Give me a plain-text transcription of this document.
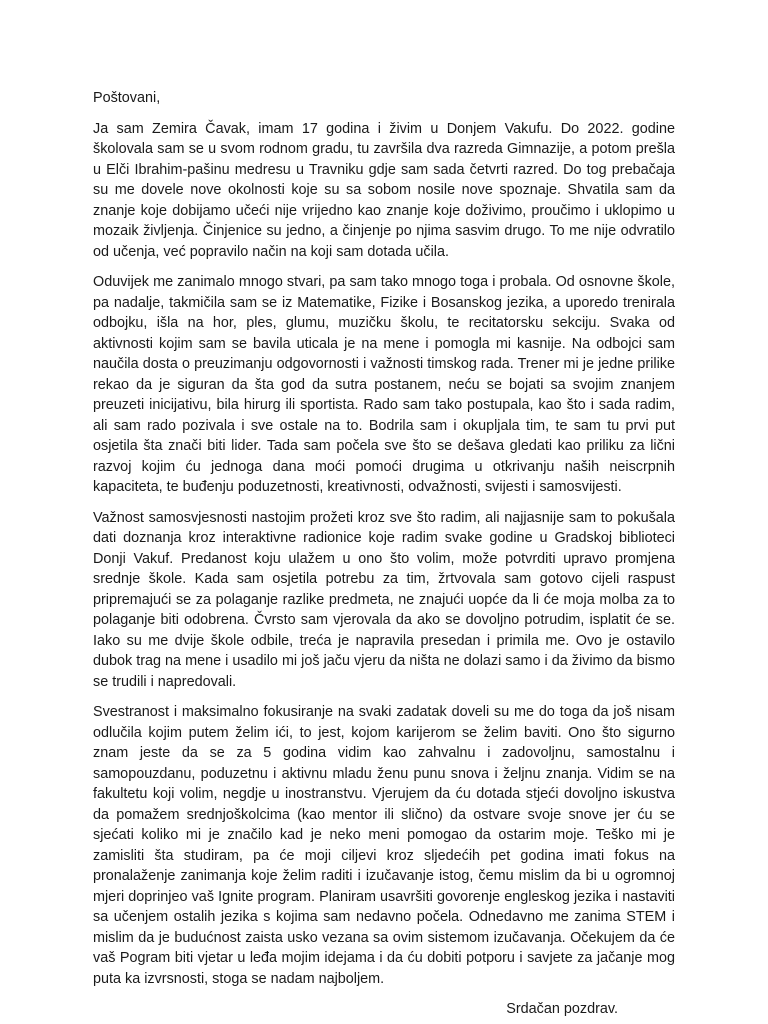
Poštovani,

Ja sam Zemira Čavak, imam 17 godina i živim u Donjem Vakufu. Do 2022. godine školovala sam se u svom rodnom gradu, tu završila dva razreda Gimnazije, a potom prešla u Elči Ibrahim-pašinu medresu u Travniku gdje sam sada četvrti razred. Do tog prebačaja su me dovele nove okolnosti koje su sa sobom nosile nove spoznaje. Shvatila sam da znanje koje dobijamo učeći nije vrijedno kao znanje koje doživimo, proučimo i uklopimo u mozaik življenja. Činjenice su jedno, a činjenje po njima sasvim drugo. To me nije odvratilo od učenja, već popravilo način na koji sam dotada učila.

Oduvijek me zanimalo mnogo stvari, pa sam tako mnogo toga i probala. Od osnovne škole, pa nadalje, takmičila sam se iz Matematike, Fizike i Bosanskog jezika, a uporedo trenirala odbojku, išla na hor, ples, glumu, muzičku školu, te recitatorsku sekciju. Svaka od aktivnosti kojim sam se bavila uticala je na mene i pomogla mi kasnije. Na odbojci sam naučila dosta o preuzimanju odgovornosti i važnosti timskog rada. Trener mi je jedne prilike rekao da je siguran da šta god da sutra postanem, neću se bojati sa svojim znanjem preuzeti inicijativu, bila hirurg ili sportista. Rado sam tako postupala, kao što i sada radim, ali sam rado pozivala i sve ostale na to. Bodrila sam i okupljala tim, te sam tu prvi put osjetila šta znači biti lider. Tada sam počela sve što se dešava gledati kao priliku za lični razvoj kojim ću jednoga dana moći pomoći drugima u otkrivanju naših neiscrpnih kapaciteta, te buđenju poduzetnosti, kreativnosti, odvažnosti, svijesti i samosvijesti.

Važnost samosvjesnosti nastojim prožeti kroz sve što radim, ali najjasnije sam to pokušala dati doznanja kroz interaktivne radionice koje radim svake godine u Gradskoj biblioteci Donji Vakuf. Predanost koju ulažem u ono što volim, može potvrditi upravo promjena srednje škole. Kada sam osjetila potrebu za tim, žrtvovala sam gotovo cijeli raspust pripremajući se za polaganje razlike predmeta, ne znajući uopće da li će moja molba za to polaganje biti odobrena. Čvrsto sam vjerovala da ako se dovoljno potrudim, isplatit će se. Iako su me dvije škole odbile, treća je napravila presedan i primila me. Ovo je ostavilo dubok trag na mene i usadilo mi još jaču vjeru da ništa ne dolazi samo i da živimo da bismo se trudili i napredovali.

Svestranost i maksimalno fokusiranje na svaki zadatak doveli su me do toga da još nisam odlučila kojim putem želim ići, to jest, kojom karijerom se želim baviti. Ono što sigurno znam jeste da se za 5 godina vidim kao zahvalnu i zadovoljnu, samostalnu i samopouzdanu, poduzetnu i aktivnu mladu ženu punu snova i željnu znanja. Vidim se na fakultetu koji volim, negdje u inostranstvu. Vjerujem da ću dotada stjeći dovoljno iskustva da pomažem srednjoškolcima (kao mentor ili slično) da ostvare svoje snove jer ću se sjećati koliko mi je značilo kad je neko meni pomogao da ostarim moje. Teško mi je zamisliti šta studiram, pa će moji ciljevi kroz sljedećih pet godina imati fokus na pronalaženje zanimanja koje želim raditi i izučavanje istog, čemu mislim da bi u ogromnoj mjeri doprinjeo vaš Ignite program. Planiram usavršiti govorenje engleskog jezika i nastaviti sa učenjem ostalih jezika s kojima sam nedavno počela. Odnedavno me zanima STEM i mislim da je budućnost zaista usko vezana sa ovim sistemom izučavanja. Očekujem da će vaš Pogram biti vjetar u leđa mojim idejama i da ću dobiti potporu i savjete za jačanje mog puta ka izvrsnosti, stoga se nadam najboljem.

Srdačan pozdrav.
